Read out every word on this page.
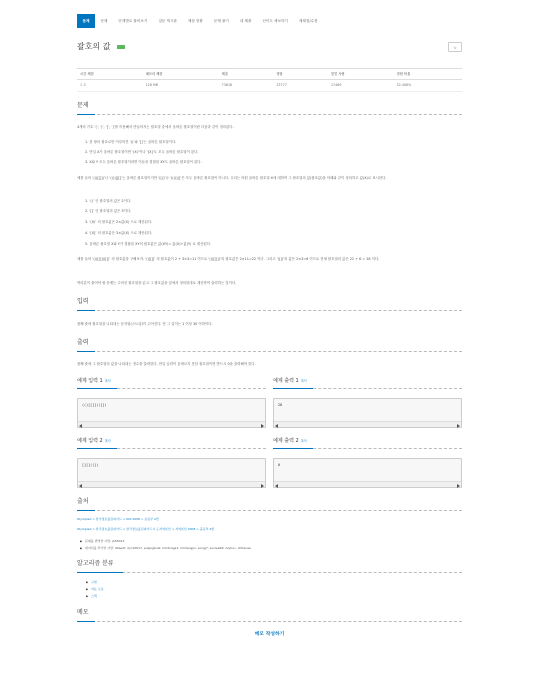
문제	문제	단계별로 풀어보기	질문 게시판	채점 현황	문제 풀기	내 제출	난이도 제보하기	재채점/수정
괄호의 값	☆
시간 제한	메모리 제한	제출	정답	맞힌 사람	정답 비율
1 초	128 MB	73618	23777	17469	32.408%
문제
4개의 기호 ‘(’, ‘)’, ‘[’, ‘]’를 이용해서 만들어지는 괄호열 중에서 올바른 괄호열이란 다음과 같이 정의된다.
1. 한 쌍의 괄호로만 이루어진 ‘()’와 ‘[]’는 올바른 괄호열이다.
2. 만일 X가 올바른 괄호열이면 ‘(X)’이나 ‘[X]’도 모두 올바른 괄호열이 된다.
3. X와 Y 모두 올바른 괄호열이라면 이들을 결합한 XY도 올바른 괄호열이 된다.
예를 들어 ‘(()[[]])’나 ‘(())[][]’는 올바른 괄호열이지만 ‘([)]’나 ‘(()()[]’은 모두 올바른 괄호열이 아니다. 우리는 어떤 올바른 괄호열 X에 대하여 그 괄호열의 값(괄호값)을 아래와 같이 정의하고 값(X)로 표시한다.
1. ‘()’ 인 괄호열의 값은 2이다.
2. ‘[]’ 인 괄호열의 값은 3이다.
3. ‘(X)’ 의 괄호값은 2×값(X) 으로 계산된다.
4. ‘[X]’ 의 괄호값은 3×값(X) 으로 계산된다.
5. 올바른 괄호열 X와 Y가 결합된 XY의 괄호값은 값(XY)= 값(X)+값(Y) 로 계산된다.
예를 들어 ‘(()[[]])([])’ 의 괄호값을 구해보자. ‘()[[]]’ 의 괄호값이 2 + 3×3=11 이므로 ‘(()[[]])’의 괄호값은 2×11=22 이다. 그리고 ‘([])’의 값은 2×3=6 이므로 전체 괄호열의 값은 22 + 6 = 28 이다.
여러분이 풀어야 할 문제는 주어진 괄호열을 읽고 그 괄호값을 앞에서 정의한대로 계산하여 출력하는 것이다.
입력
첫째 줄에 괄호열을 나타내는 문자열(스트링)이 주어진다. 단 그 길이는 1 이상 30 이하이다.
출력
첫째 줄에 그 괄호열의 값을 나타내는 정수를 출력한다. 만일 입력이 올바르지 못한 괄호열이면 반드시 0을 출력해야 한다.
예제 입력 1 복사
(()[[]])([])
예제 출력 1 복사
28
예제 입력 2 복사
[][]((])
예제 출력 2 복사
0
출처
Olympiad > 한국정보올림피아드 > KOI 2008 > 초등부 2번
Olympiad > 한국정보올림피아드 > 한국정보올림피아드시․도지역본선 > 지역본선 2008 > 중등부 2번
■ 문제를 번역한 사람: jh05013
■ 데이터를 추가한 사람: 99asdf, dyc10617, eukpigbulk, kimtonga1, limdongjin, songj7, sunlee98, zxyhuc, xhitevae
알고리즘 분류
■ 구현
■ 자료 구조
■ 스택
메모
메모 작성하기
